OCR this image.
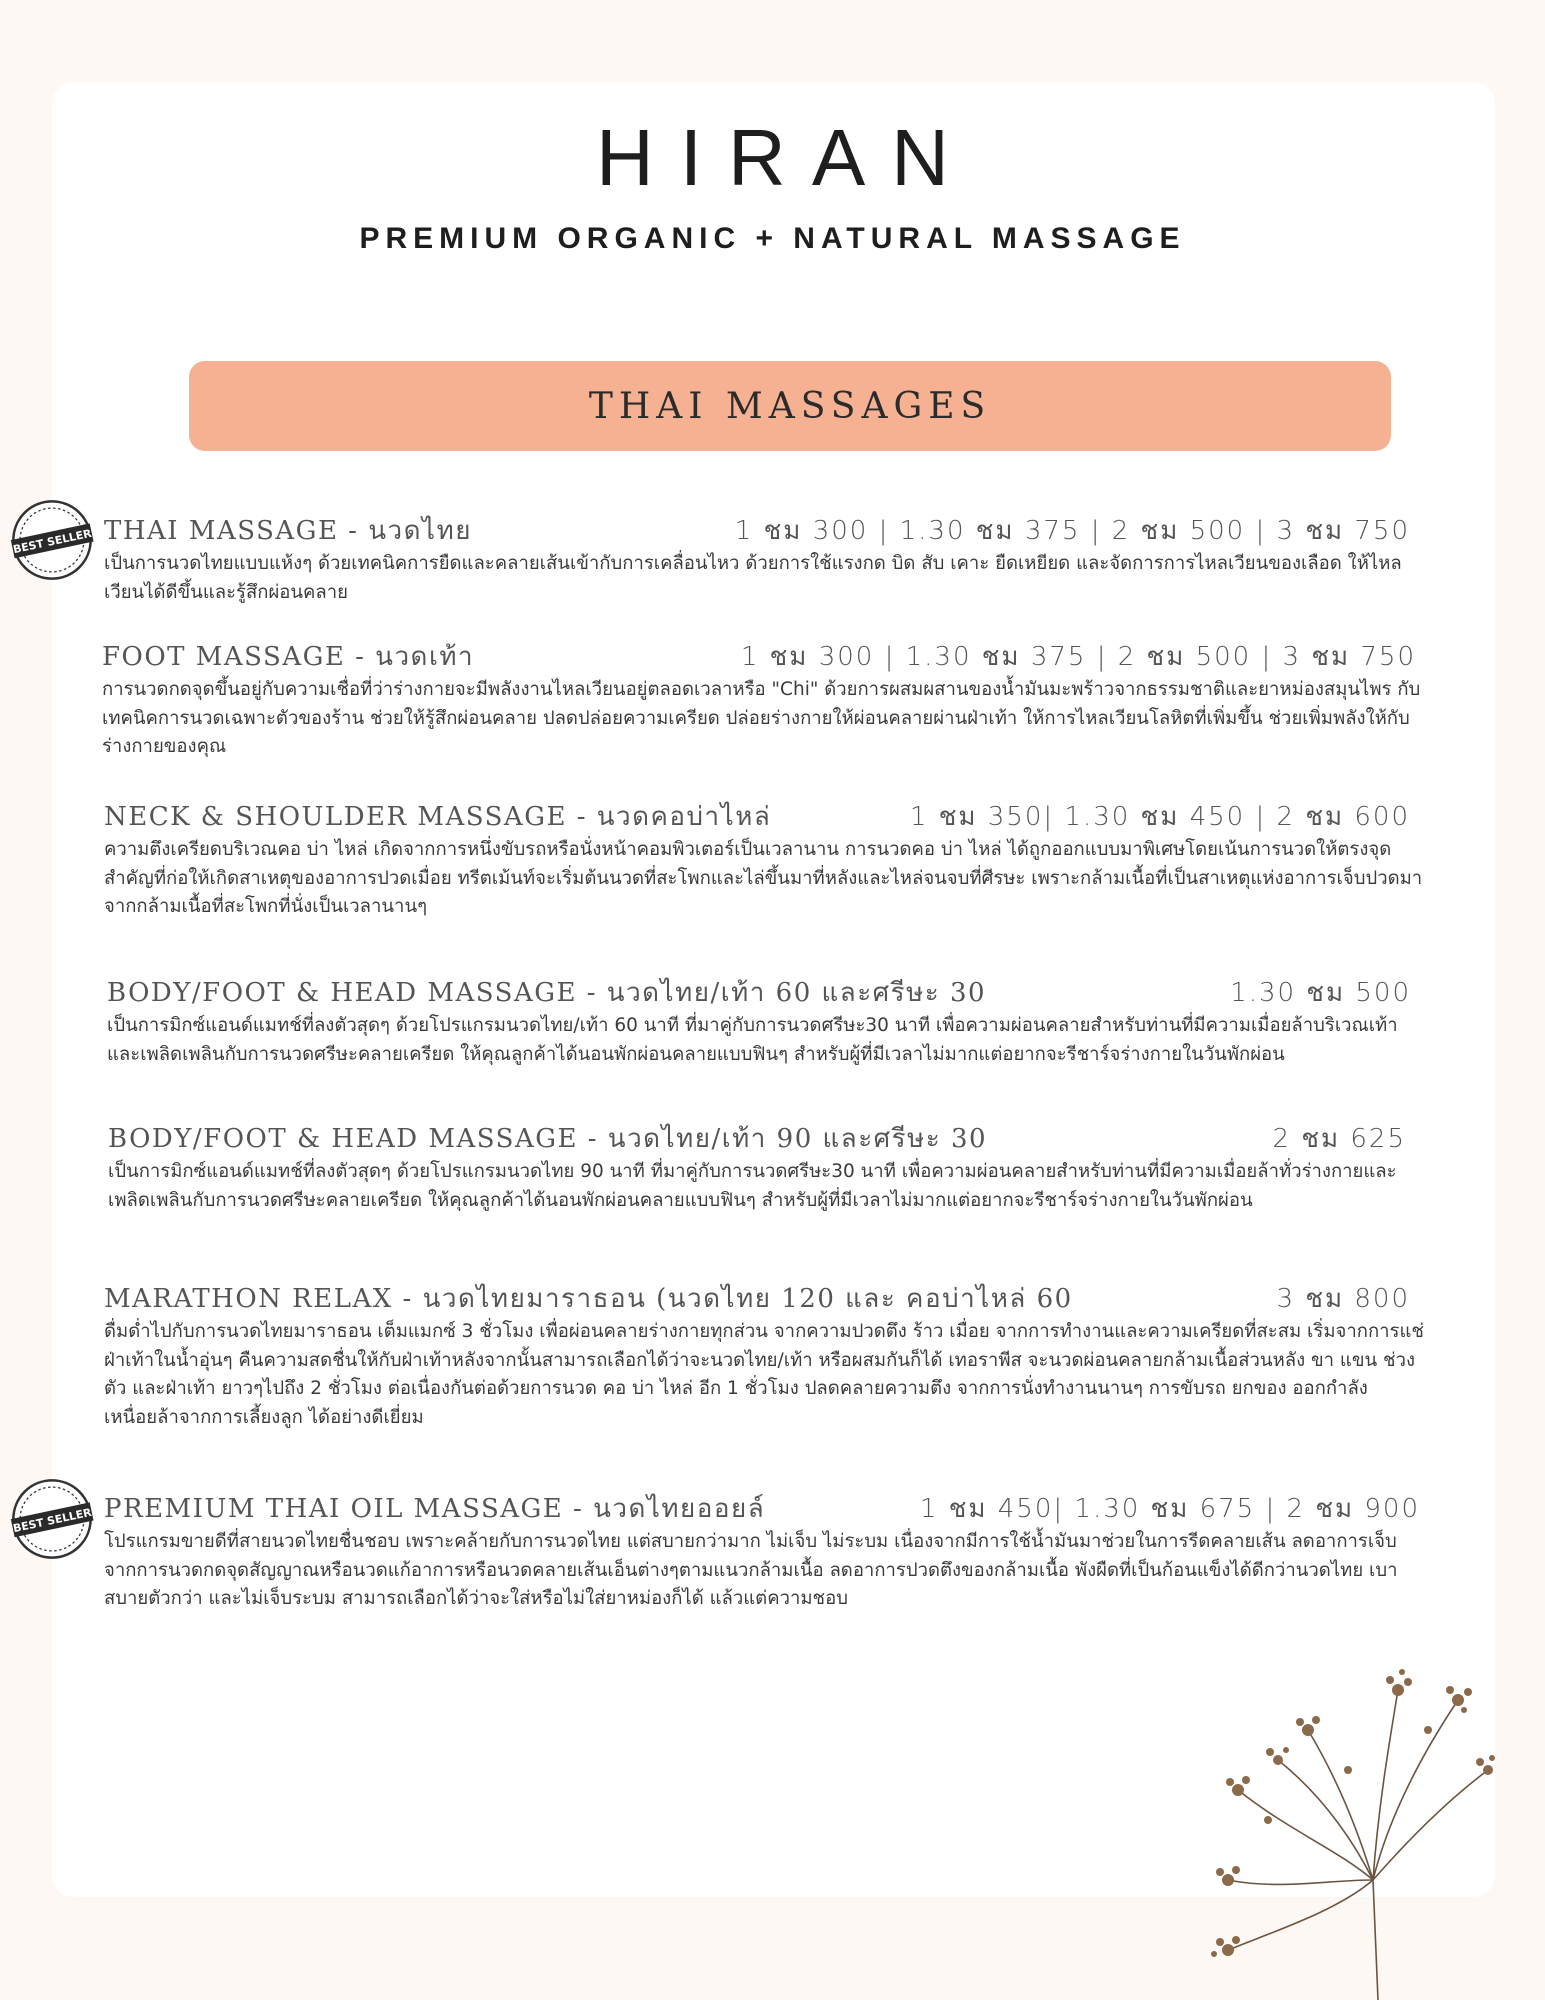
HIRAN
PREMIUM ORGANIC + NATURAL MASSAGE
THAI MASSAGES
BEST SELLER THAI MASSAGE - นวดไทย	1 ชม 300 | 1.30 ชม 375 | 2 ชม 500 | 3 ชม 750
เป็นการนวดไทยแบบแห้งๆ ด้วยเทคนิคการยืดและคลายเส้นเข้ากับการเคลื่อนไหว ด้วยการใช้แรงกด บิด สับ เคาะ ยืดเหยียด และจัดการการไหลเวียนของเลือด ให้ไหลเวียนได้ดีขึ้นและรู้สึกผ่อนคลาย
FOOT MASSAGE - นวดเท้า	1 ชม 300 | 1.30 ชม 375 | 2 ชม 500 | 3 ชม 750
การนวดกดจุดขึ้นอยู่กับความเชื่อที่ว่าร่างกายจะมีพลังงานไหลเวียนอยู่ตลอดเวลาหรือ "Chi" ด้วยการผสมผสานของน้ำมันมะพร้าวจากธรรมชาติและยาหม่องสมุนไพร กับเทคนิคการนวดเฉพาะตัวของร้าน ช่วยให้รู้สึกผ่อนคลาย ปลดปล่อยความเครียด ปล่อยร่างกายให้ผ่อนคลายผ่านฝ่าเท้า ให้การไหลเวียนโลหิตที่เพิ่มขึ้น ช่วยเพิ่มพลังให้กับร่างกายของคุณ
NECK & SHOULDER MASSAGE - นวดคอบ่าไหล่	1 ชม 350| 1.30 ชม 450 | 2 ชม 600
ความตึงเครียดบริเวณคอ บ่า ไหล่ เกิดจากการหนึ่งขับรถหรือนั่งหน้าคอมพิวเตอร์เป็นเวลานาน การนวดคอ บ่า ไหล่ ได้ถูกออกแบบมาพิเศษโดยเน้นการนวดให้ตรงจุดสำคัญที่ก่อให้เกิดสาเหตุของอาการปวดเมื่อย ทรีตเม้นท์จะเริ่มต้นนวดที่สะโพกและไล่ขึ้นมาที่หลังและไหล่จนจบที่ศีรษะ เพราะกล้ามเนื้อที่เป็นสาเหตุแห่งอาการเจ็บปวดมาจากกล้ามเนื้อที่สะโพกที่นั่งเป็นเวลานานๆ
BODY/FOOT & HEAD MASSAGE - นวดไทย/เท้า 60 และศรีษะ 30	1.30 ชม 500
เป็นการมิกซ์แอนด์แมทช์ที่ลงตัวสุดๆ ด้วยโปรแกรมนวดไทย/เท้า 60 นาที ที่มาคู่กับการนวดศรีษะ30 นาที เพื่อความผ่อนคลายสำหรับท่านที่มีความเมื่อยล้าบริเวณเท้า และเพลิดเพลินกับการนวดศรีษะคลายเครียด ให้คุณลูกค้าได้นอนพักผ่อนคลายแบบฟินๆ สำหรับผู้ที่มีเวลาไม่มากแต่อยากจะรีชาร์จร่างกายในวันพักผ่อน
BODY/FOOT & HEAD MASSAGE - นวดไทย/เท้า 90 และศรีษะ 30	2 ชม 625
เป็นการมิกซ์แอนด์แมทช์ที่ลงตัวสุดๆ ด้วยโปรแกรมนวดไทย 90 นาที ที่มาคู่กับการนวดศรีษะ30 นาที เพื่อความผ่อนคลายสำหรับท่านที่มีความเมื่อยล้าทั่วร่างกายและเพลิดเพลินกับการนวดศรีษะคลายเครียด ให้คุณลูกค้าได้นอนพักผ่อนคลายแบบฟินๆ สำหรับผู้ที่มีเวลาไม่มากแต่อยากจะรีชาร์จร่างกายในวันพักผ่อน
MARATHON RELAX - นวดไทยมาราธอน (นวดไทย 120 และ คอบ่าไหล่ 60	3 ชม 800
ดื่มด่ำไปกับการนวดไทยมาราธอน เต็มแมกซ์ 3 ชั่วโมง เพื่อผ่อนคลายร่างกายทุกส่วน จากความปวดตึง ร้าว เมื่อย จากการทำงานและความเครียดที่สะสม เริ่มจากการแช่ฝ่าเท้าในน้ำอุ่นๆ คืนความสดชื่นให้กับฝ่าเท้าหลังจากนั้นสามารถเลือกได้ว่าจะนวดไทย/เท้า หรือผสมกันก็ได้ เทอราพีส จะนวดผ่อนคลายกล้ามเนื้อส่วนหลัง ขา แขน ช่วงตัว และฝ่าเท้า ยาวๆไปถึง 2 ชั่วโมง ต่อเนื่องกันต่อด้วยการนวด คอ บ่า ไหล่ อีก 1 ชั่วโมง ปลดคลายความตึง จากการนั่งทำงานนานๆ การขับรถ ยกของ ออกกำลัง เหนื่อยล้าจากการเลี้ยงลูก ได้อย่างดีเยี่ยม
BEST SELLER PREMIUM THAI OIL MASSAGE - นวดไทยออยล์	1 ชม 450| 1.30 ชม 675 | 2 ชม 900
โปรแกรมขายดีที่สายนวดไทยชื่นชอบ เพราะคล้ายกับการนวดไทย แต่สบายกว่ามาก ไม่เจ็บ ไม่ระบม เนื่องจากมีการใช้น้ำมันมาช่วยในการรีดคลายเส้น ลดอาการเจ็บจากการนวดกดจุดสัญญาณหรือนวดแก้อาการหรือนวดคลายเส้นเอ็นต่างๆตามแนวกล้ามเนื้อ ลดอาการปวดตึงของกล้ามเนื้อ พังผืดที่เป็นก้อนแข็งได้ดีกว่านวดไทย เบาสบายตัวกว่า และไม่เจ็บระบม สามารถเลือกได้ว่าจะใส่หรือไม่ใส่ยาหม่องก็ได้ แล้วแต่ความชอบ
